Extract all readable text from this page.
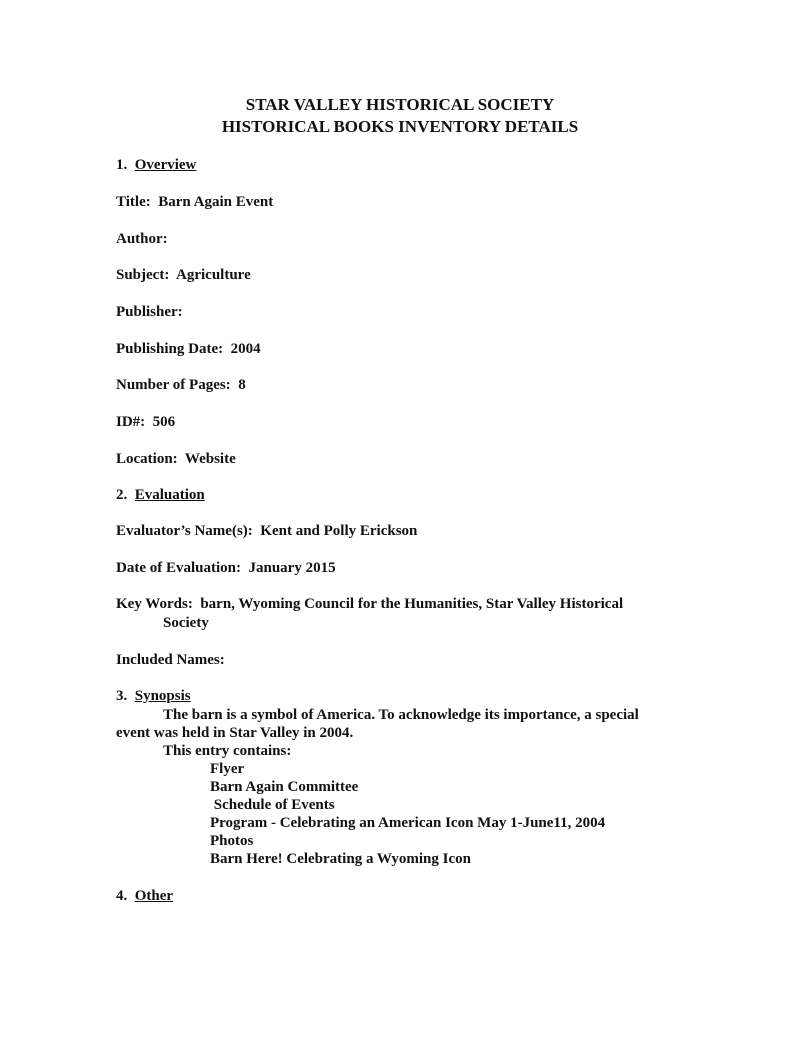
STAR VALLEY HISTORICAL SOCIETY
HISTORICAL BOOKS INVENTORY DETAILS
1. Overview
Title: Barn Again Event
Author:
Subject: Agriculture
Publisher:
Publishing Date: 2004
Number of Pages: 8
ID#: 506
Location: Website
2. Evaluation
Evaluator’s Name(s): Kent and Polly Erickson
Date of Evaluation: January 2015
Key Words: barn, Wyoming Council for the Humanities, Star Valley Historical
Society
Included Names:
3. Synopsis
The barn is a symbol of America. To acknowledge its importance, a special
event was held in Star Valley in 2004.
This entry contains:
Flyer
Barn Again Committee
Schedule of Events
Program - Celebrating an American Icon May 1-June11, 2004
Photos
Barn Here! Celebrating a Wyoming Icon
4. Other
